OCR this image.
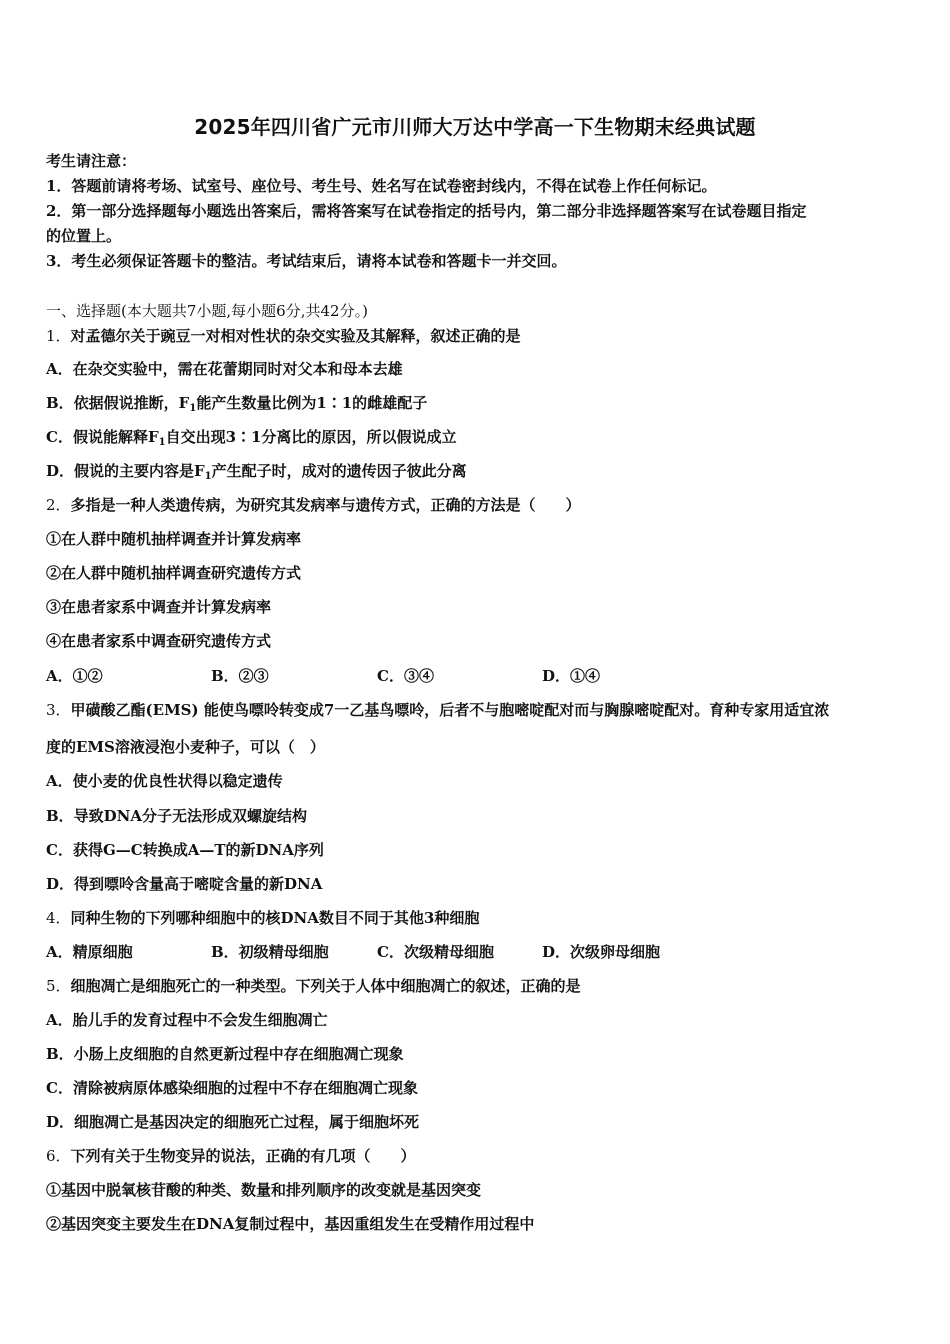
2025年四川省广元市川师大万达中学高一下生物期末经典试题
考生请注意：
1．答题前请将考场、试室号、座位号、考生号、姓名写在试卷密封线内，不得在试卷上作任何标记。
2．第一部分选择题每小题选出答案后，需将答案写在试卷指定的括号内，第二部分非选择题答案写在试卷题目指定
的位置上。
3．考生必须保证答题卡的整洁。考试结束后，请将本试卷和答题卡一并交回。
一、选择题(本大题共7小题,每小题6分,共42分。)
1．对孟德尔关于豌豆一对相对性状的杂交实验及其解释，叙述正确的是
A．在杂交实验中，需在花蕾期同时对父本和母本去雄
B．依据假说推断，$F_1$能产生数量比例为1∶1的雌雄配子
C．假说能解释$F_1$自交出现3∶1分离比的原因，所以假说成立
D．假说的主要内容是$F_1$产生配子时，成对的遗传因子彼此分离
2．多指是一种人类遗传病，为研究其发病率与遗传方式，正确的方法是（　　）
①在人群中随机抽样调查并计算发病率
②在人群中随机抽样调查研究遗传方式
③在患者家系中调查并计算发病率
④在患者家系中调查研究遗传方式
A．①②	B．②③	C．③④	D．①④
3．甲磺酸乙酯(EMS) 能使鸟嘌呤转变成7一乙基鸟嘌呤，后者不与胞嘧啶配对而与胸腺嘧啶配对。育种专家用适宜浓
度的EMS溶液浸泡小麦种子，可以（　）
A．使小麦的优良性状得以稳定遗传
B．导致DNA分子无法形成双螺旋结构
C．获得G—C转换成A—T的新DNA序列
D．得到嘌呤含量高于嘧啶含量的新DNA
4．同种生物的下列哪种细胞中的核DNA数目不同于其他3种细胞
A．精原细胞	B．初级精母细胞	C．次级精母细胞	D．次级卵母细胞
5．细胞凋亡是细胞死亡的一种类型。下列关于人体中细胞凋亡的叙述，正确的是
A．胎儿手的发育过程中不会发生细胞凋亡
B．小肠上皮细胞的自然更新过程中存在细胞凋亡现象
C．清除被病原体感染细胞的过程中不存在细胞凋亡现象
D．细胞凋亡是基因决定的细胞死亡过程，属于细胞坏死
6．下列有关于生物变异的说法，正确的有几项（　　）
①基因中脱氧核苷酸的种类、数量和排列顺序的改变就是基因突变
②基因突变主要发生在DNA复制过程中，基因重组发生在受精作用过程中
